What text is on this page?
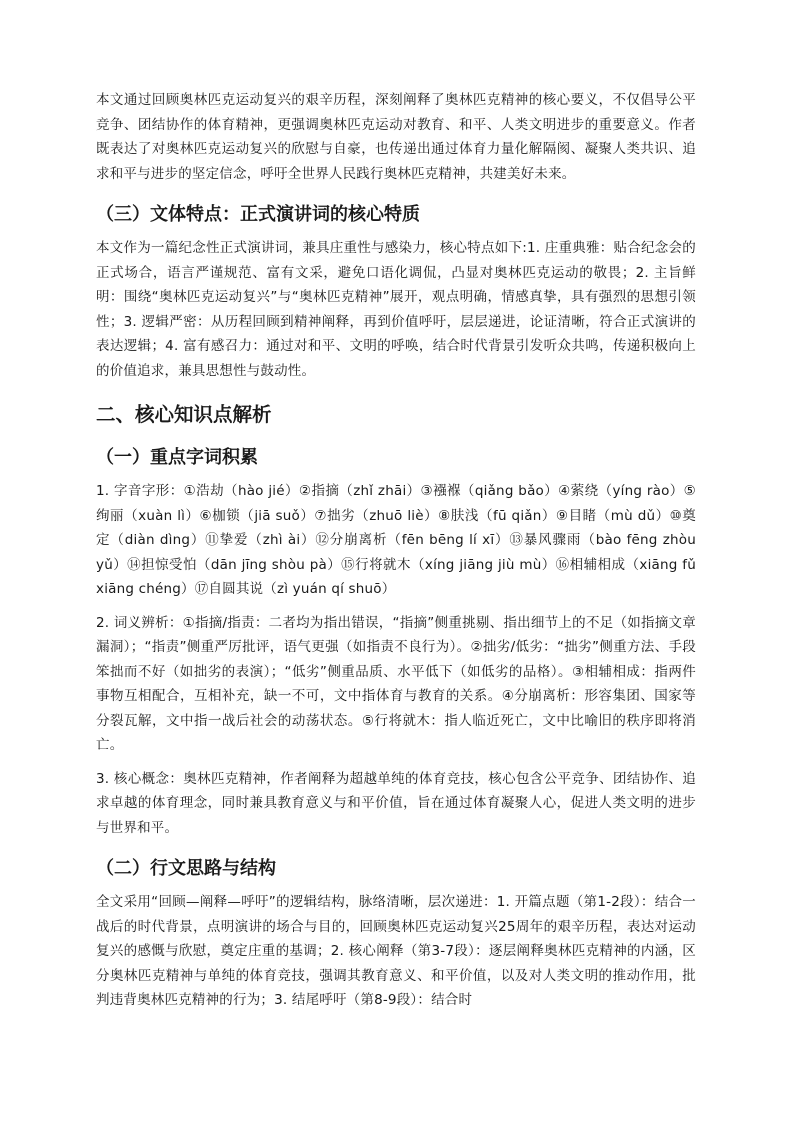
本文通过回顾奥林匹克运动复兴的艰辛历程，深刻阐释了奥林匹克精神的核心要义，不仅倡导公平竞争、团结协作的体育精神，更强调奥林匹克运动对教育、和平、人类文明进步的重要意义。作者既表达了对奥林匹克运动复兴的欣慰与自豪，也传递出通过体育力量化解隔阂、凝聚人类共识、追求和平与进步的坚定信念，呼吁全世界人民践行奥林匹克精神，共建美好未来。

（三）文体特点：正式演讲词的核心特质

本文作为一篇纪念性正式演讲词，兼具庄重性与感染力，核心特点如下:1. 庄重典雅：贴合纪念会的正式场合，语言严谨规范、富有文采，避免口语化调侃，凸显对奥林匹克运动的敬畏；2. 主旨鲜明：围绕“奥林匹克运动复兴”与“奥林匹克精神”展开，观点明确，情感真挚，具有强烈的思想引领性；3. 逻辑严密：从历程回顾到精神阐释，再到价值呼吁，层层递进，论证清晰，符合正式演讲的表达逻辑；4. 富有感召力：通过对和平、文明的呼唤，结合时代背景引发听众共鸣，传递积极向上的价值追求，兼具思想性与鼓动性。

二、核心知识点解析
（一）重点字词积累

1. 字音字形：①浩劫（hào jié）②指摘（zhǐ zhāi）③襁褓（qiǎng bǎo）④萦绕（yíng rào）⑤绚丽（xuàn lì）⑥枷锁（jiā suǒ）⑦拙劣（zhuō liè）⑧肤浅（fū qiǎn）⑨目睹（mù dǔ）⑩奠定（diàn dìng）⑪挚爱（zhì ài）⑫分崩离析（fēn bēng lí xī）⑬暴风骤雨（bào fēng zhòu yǔ）⑭担惊受怕（dān jīng shòu pà）⑮行将就木（xíng jiāng jiù mù）⑯相辅相成（xiāng fǔ xiāng chéng）⑰自圆其说（zì yuán qí shuō）

2. 词义辨析：①指摘/指责：二者均为指出错误，“指摘”侧重挑剔、指出细节上的不足（如指摘文章漏洞）；“指责”侧重严厉批评，语气更强（如指责不良行为）。②拙劣/低劣：“拙劣”侧重方法、手段笨拙而不好（如拙劣的表演）；“低劣”侧重品质、水平低下（如低劣的品格）。③相辅相成：指两件事物互相配合，互相补充，缺一不可，文中指体育与教育的关系。④分崩离析：形容集团、国家等分裂瓦解，文中指一战后社会的动荡状态。⑤行将就木：指人临近死亡，文中比喻旧的秩序即将消亡。

3. 核心概念：奥林匹克精神，作者阐释为超越单纯的体育竞技，核心包含公平竞争、团结协作、追求卓越的体育理念，同时兼具教育意义与和平价值，旨在通过体育凝聚人心，促进人类文明的进步与世界和平。

（二）行文思路与结构

全文采用“回顾—阐释—呼吁”的逻辑结构，脉络清晰，层次递进：1. 开篇点题（第1-2段）：结合一战后的时代背景，点明演讲的场合与目的，回顾奥林匹克运动复兴25周年的艰辛历程，表达对运动复兴的感慨与欣慰，奠定庄重的基调；2. 核心阐释（第3-7段）：逐层阐释奥林匹克精神的内涵，区分奥林匹克精神与单纯的体育竞技，强调其教育意义、和平价值，以及对人类文明的推动作用，批判违背奥林匹克精神的行为；3. 结尾呼吁（第8-9段）：结合时
